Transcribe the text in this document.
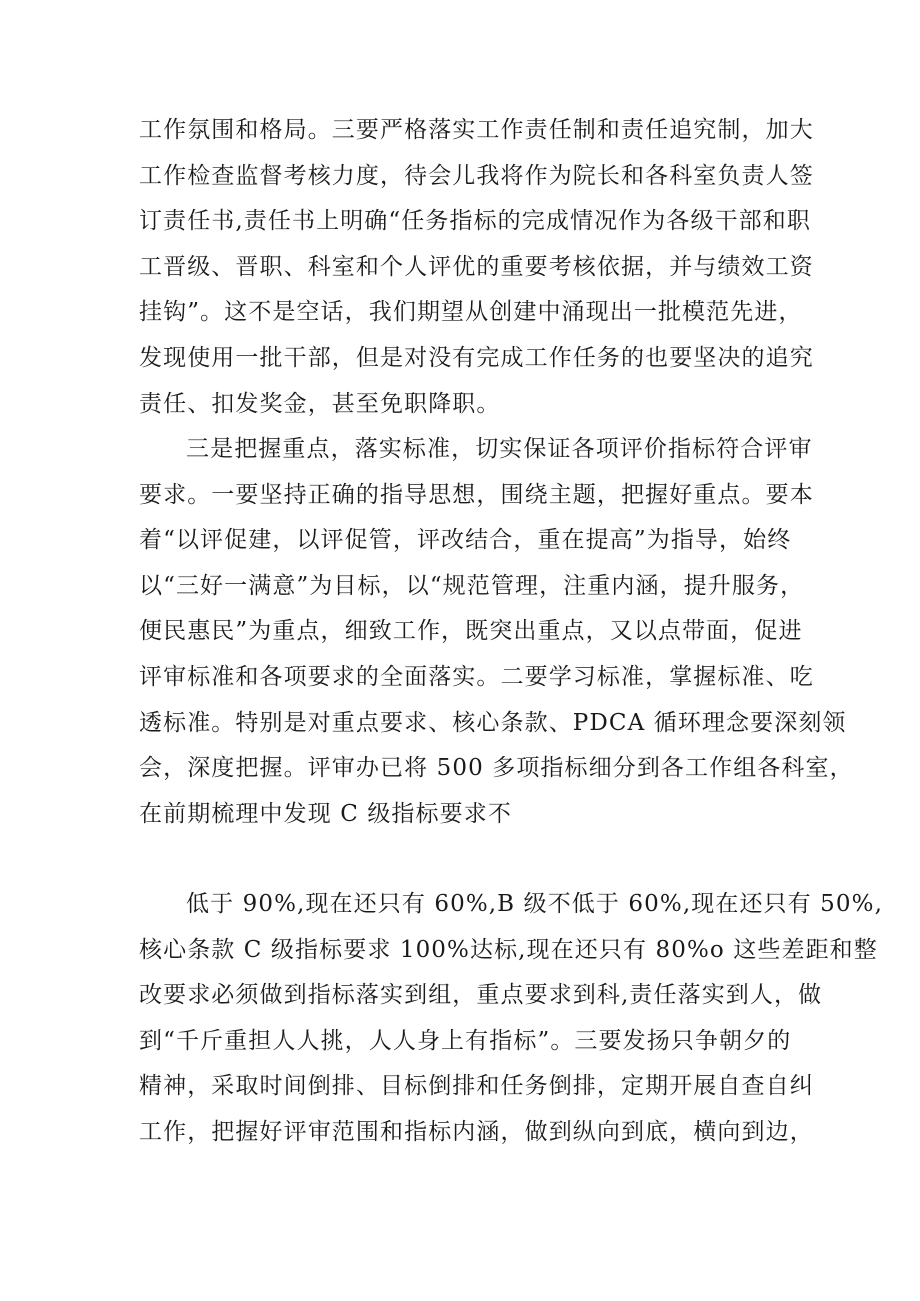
工作氛围和格局。三要严格落实工作责任制和责任追究制，加大
工作检查监督考核力度，待会儿我将作为院长和各科室负责人签
订责任书,责任书上明确“任务指标的完成情况作为各级干部和职
工晋级、晋职、科室和个人评优的重要考核依据，并与绩效工资
挂钩”。这不是空话，我们期望从创建中涌现出一批模范先进，
发现使用一批干部，但是对没有完成工作任务的也要坚决的追究
责任、扣发奖金，甚至免职降职。
三是把握重点，落实标准，切实保证各项评价指标符合评审
要求。一要坚持正确的指导思想，围绕主题，把握好重点。要本
着“以评促建，以评促管，评改结合，重在提高”为指导，始终
以“三好一满意”为目标，以“规范管理，注重内涵，提升服务，
便民惠民”为重点，细致工作，既突出重点，又以点带面，促进
评审标准和各项要求的全面落实。二要学习标准，掌握标准、吃
透标准。特别是对重点要求、核心条款、PDCA 循环理念要深刻领
会，深度把握。评审办已将 500 多项指标细分到各工作组各科室，
在前期梳理中发现 C 级指标要求不
低于 90%,现在还只有 60%,B 级不低于 60%,现在还只有 50%,
核心条款 C 级指标要求 100%达标,现在还只有 80%o 这些差距和整
改要求必须做到指标落实到组，重点要求到科,责任落实到人，做
到“千斤重担人人挑，人人身上有指标”。三要发扬只争朝夕的
精神，采取时间倒排、目标倒排和任务倒排，定期开展自查自纠
工作，把握好评审范围和指标内涵，做到纵向到底，横向到边，
